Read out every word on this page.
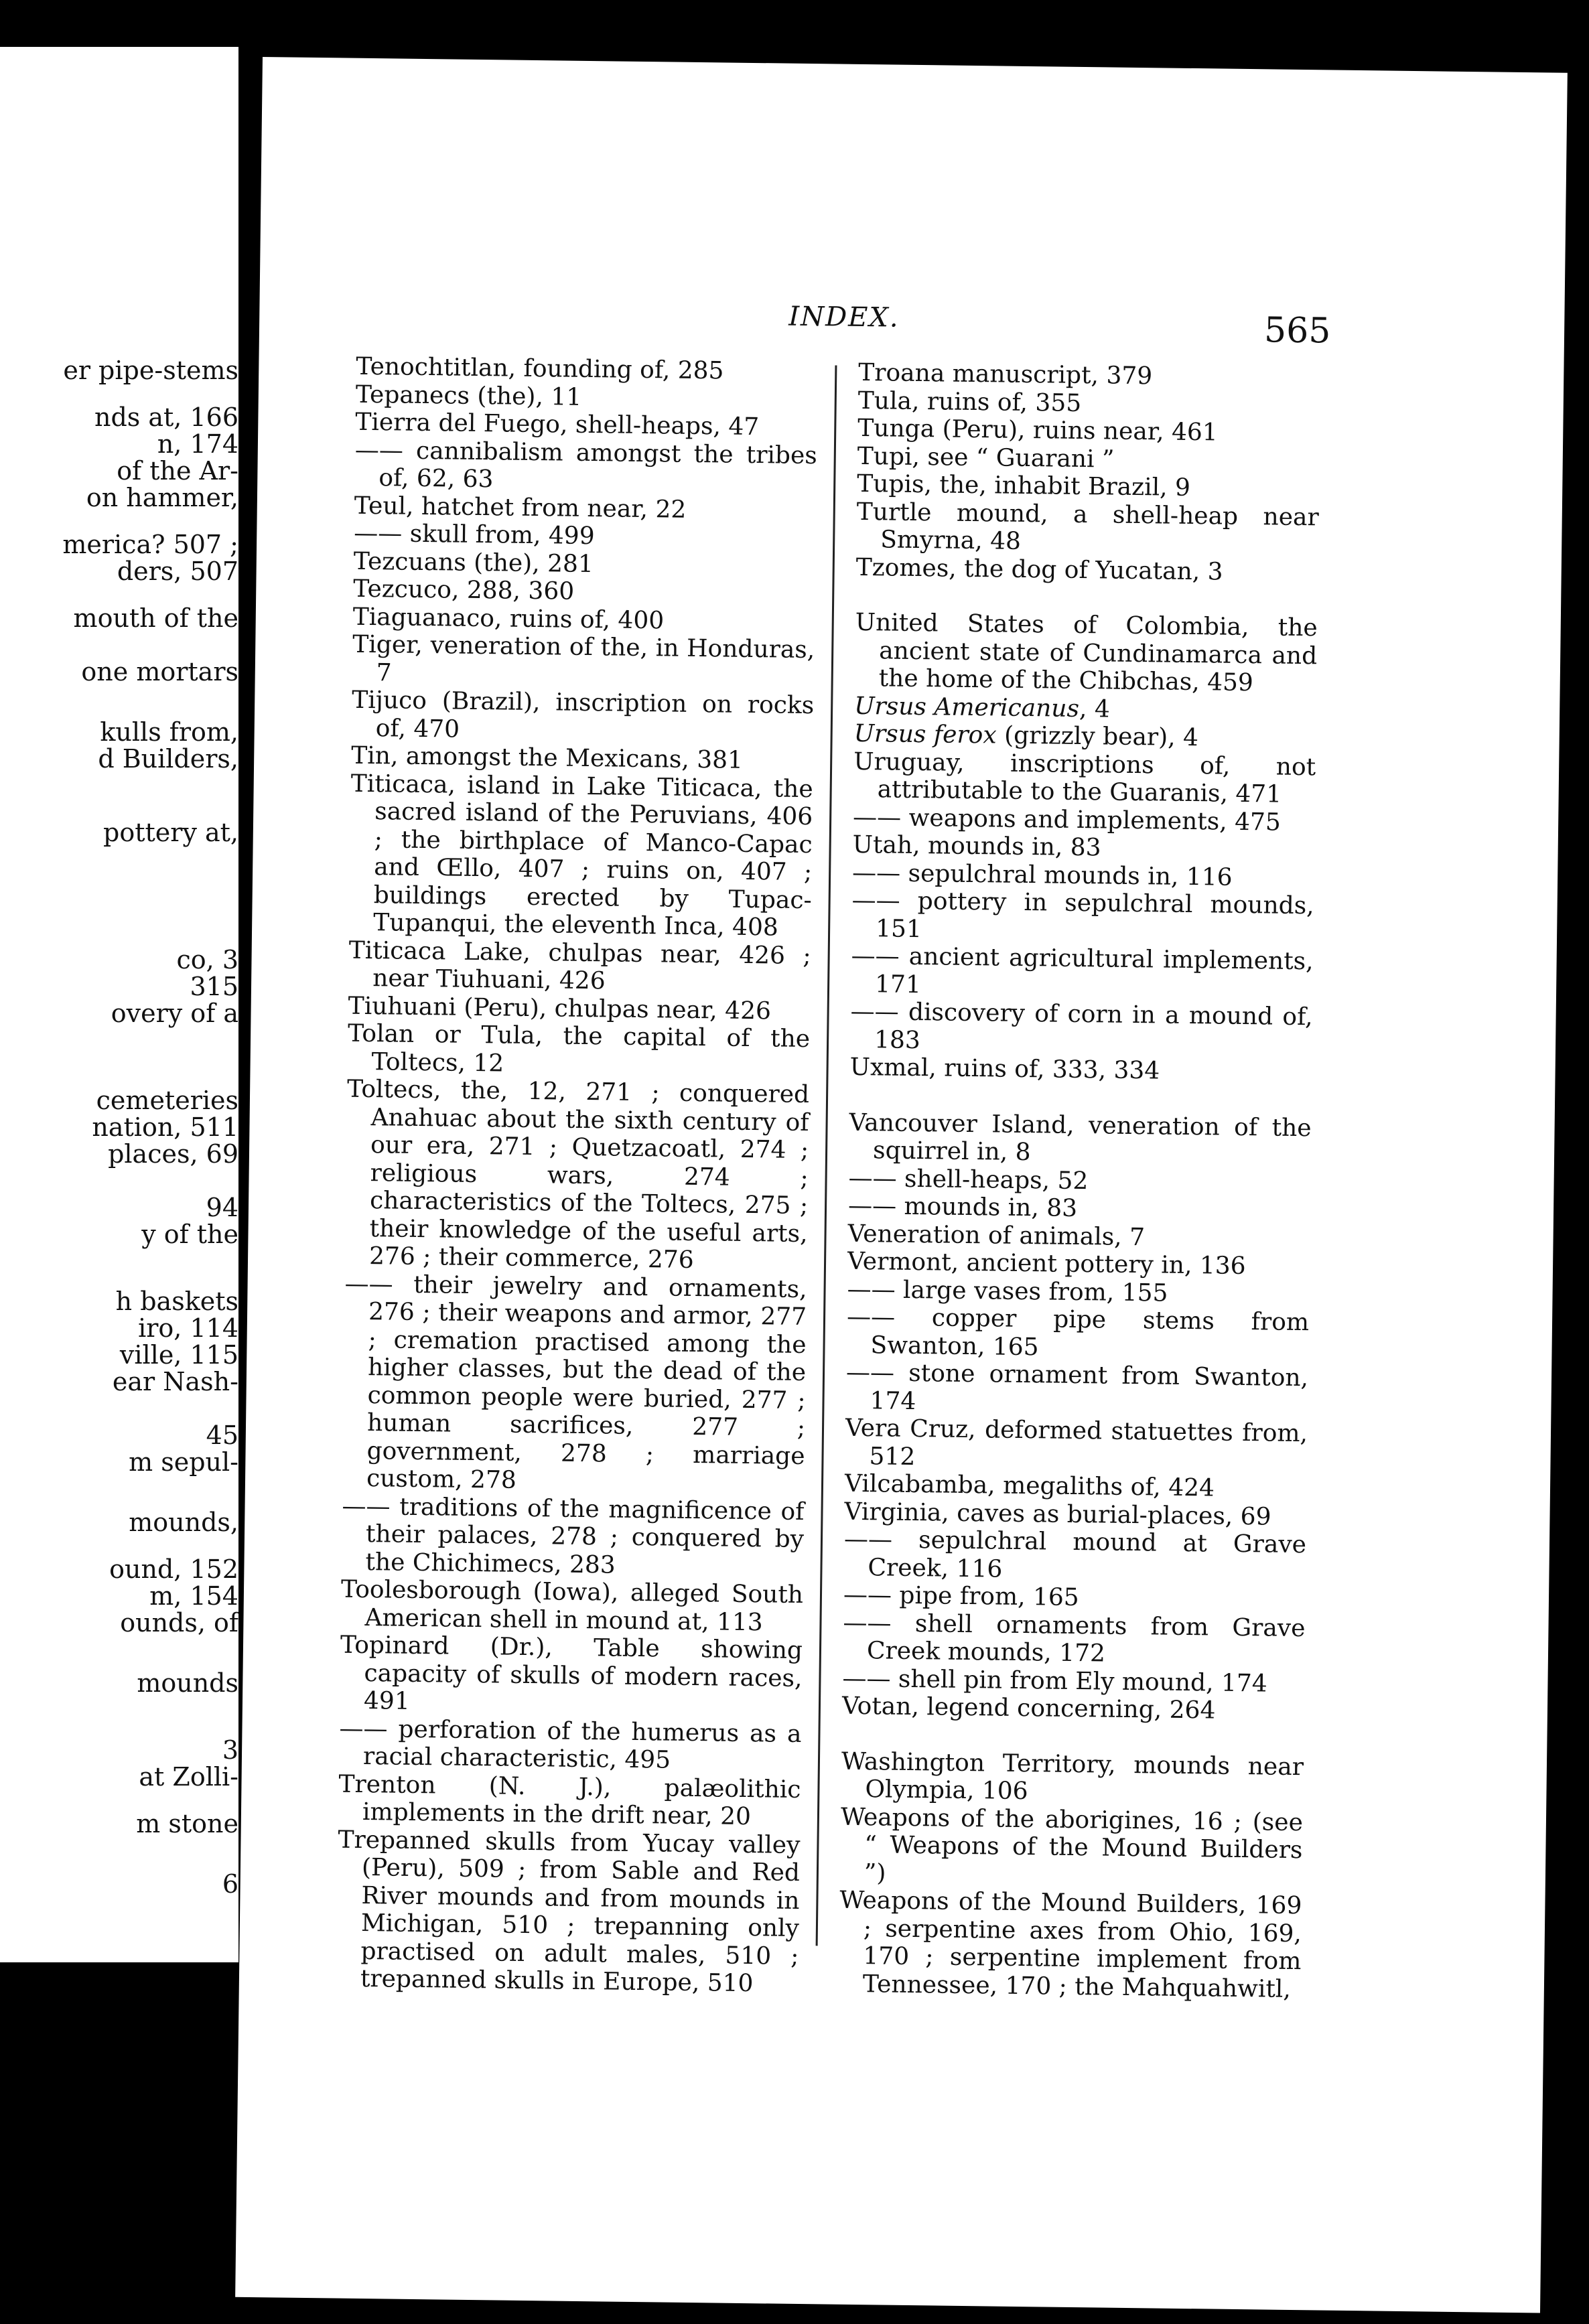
er pipe-stems
nds at, 166
n, 174
of the Ar-
on hammer,
merica? 507 ;
ders, 507
mouth of the
one mortars
kulls from,
d Builders,
pottery at,
co, 3
315
overy of a
cemeteries
nation, 511
places, 69
94
y of the
h baskets
iro, 114
ville, 115
ear Nash-
45
m sepul-
mounds,
ound, 152
m, 154
ounds, of
mounds
3
at Zolli-
m stone
6
INDEX.	565
Tenochtitlan, founding of, 285
Tepanecs (the), 11
Tierra del Fuego, shell-heaps, 47
—— cannibalism amongst the tribes of, 62, 63
Teul, hatchet from near, 22
—— skull from, 499
Tezcuans (the), 281
Tezcuco, 288, 360
Tiaguanaco, ruins of, 400
Tiger, veneration of the, in Honduras, 7
Tijuco (Brazil), inscription on rocks of, 470
Tin, amongst the Mexicans, 381
Titicaca, island in Lake Titicaca, the sacred island of the Peruvians, 406 ; the birthplace of Manco-Capac and Œllo, 407 ; ruins on, 407 ; buildings erected by Tupac-Tupanqui, the eleventh Inca, 408
Titicaca Lake, chulpas near, 426 ; near Tiuhuani, 426
Tiuhuani (Peru), chulpas near, 426
Tolan or Tula, the capital of the Toltecs, 12
Toltecs, the, 12, 271 ; conquered Anahuac about the sixth century of our era, 271 ; Quetzacoatl, 274 ; religious wars, 274 ; characteristics of the Toltecs, 275 ; their knowledge of the useful arts, 276 ; their commerce, 276
—— their jewelry and ornaments, 276 ; their weapons and armor, 277 ; cremation practised among the higher classes, but the dead of the common people were buried, 277 ; human sacrifices, 277 ; government, 278 ; marriage custom, 278
—— traditions of the magnificence of their palaces, 278 ; conquered by the Chichimecs, 283
Toolesborough (Iowa), alleged South American shell in mound at, 113
Topinard (Dr.), Table showing capacity of skulls of modern races, 491
—— perforation of the humerus as a racial characteristic, 495
Trenton (N. J.), palæolithic implements in the drift near, 20
Trepanned skulls from Yucay valley (Peru), 509 ; from Sable and Red River mounds and from mounds in Michigan, 510 ; trepanning only practised on adult males, 510 ; trepanned skulls in Europe, 510
Troana manuscript, 379
Tula, ruins of, 355
Tunga (Peru), ruins near, 461
Tupi, see “ Guarani ”
Tupis, the, inhabit Brazil, 9
Turtle mound, a shell-heap near Smyrna, 48
Tzomes, the dog of Yucatan, 3
United States of Colombia, the ancient state of Cundinamarca and the home of the Chibchas, 459
Ursus Americanus, 4
Ursus ferox (grizzly bear), 4
Uruguay, inscriptions of, not attributable to the Guaranis, 471
—— weapons and implements, 475
Utah, mounds in, 83
—— sepulchral mounds in, 116
—— pottery in sepulchral mounds, 151
—— ancient agricultural implements, 171
—— discovery of corn in a mound of, 183
Uxmal, ruins of, 333, 334
Vancouver Island, veneration of the squirrel in, 8
—— shell-heaps, 52
—— mounds in, 83
Veneration of animals, 7
Vermont, ancient pottery in, 136
—— large vases from, 155
—— copper pipe stems from Swanton, 165
—— stone ornament from Swanton, 174
Vera Cruz, deformed statuettes from, 512
Vilcabamba, megaliths of, 424
Virginia, caves as burial-places, 69
—— sepulchral mound at Grave Creek, 116
—— pipe from, 165
—— shell ornaments from Grave Creek mounds, 172
—— shell pin from Ely mound, 174
Votan, legend concerning, 264
Washington Territory, mounds near Olympia, 106
Weapons of the aborigines, 16 ; (see “ Weapons of the Mound Builders ”)
Weapons of the Mound Builders, 169 ; serpentine axes from Ohio, 169, 170 ; serpentine implement from Tennessee, 170 ; the Mahquahwitl,
